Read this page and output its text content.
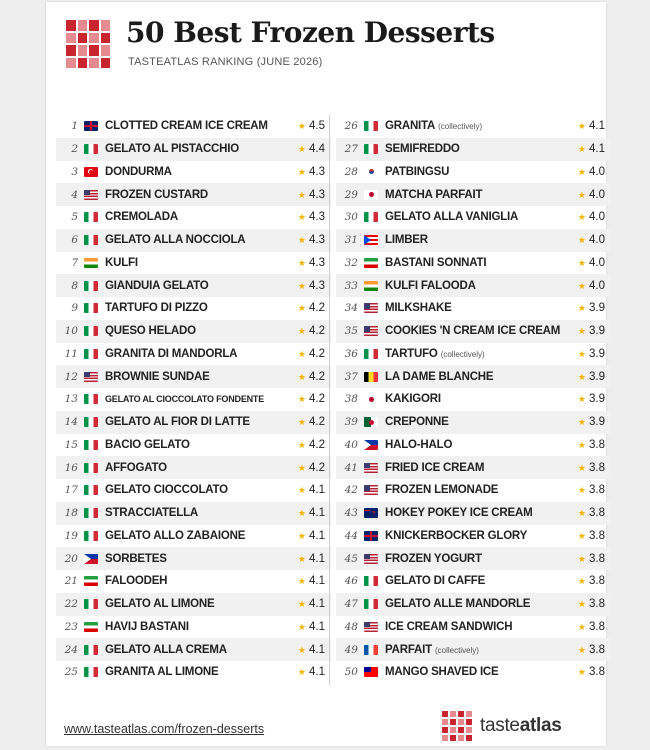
50 Best Frozen Desserts
TASTEATLAS RANKING (JUNE 2026)
1 CLOTTED CREAM ICE CREAM	★ 4.5
2 GELATO AL PISTACCHIO	★ 4.4
3 DONDURMA	★ 4.3
4 FROZEN CUSTARD	★ 4.3
5 CREMOLADA	★ 4.3
6 GELATO ALLA NOCCIOLA	★ 4.3
7 KULFI	★ 4.3
8 GIANDUIA GELATO	★ 4.3
9 TARTUFO DI PIZZO	★ 4.2
10 QUESO HELADO	★ 4.2
11 GRANITA DI MANDORLA	★ 4.2
12 BROWNIE SUNDAE	★ 4.2
13	GELATO AL CIOCCOLATO FONDENTE	★ 4.2
14 GELATO AL FIOR DI LATTE	★ 4.2
15 BACIO GELATO	★ 4.2
16 AFFOGATO	★ 4.2
17 GELATO CIOCCOLATO	★ 4.1
18 STRACCIATELLA	★ 4.1
19 GELATO ALLO ZABAIONE	★ 4.1
20 SORBETES	★ 4.1
21 FALOODEH	★ 4.1
22 GELATO AL LIMONE	★ 4.1
23 HAVIJ BASTANI	★ 4.1
24 GELATO ALLA CREMA	★ 4.1
25 GRANITA AL LIMONE	★ 4.1
26 GRANITA (collectively)	★ 4.1
27 SEMIFREDDO	★ 4.1
28 PATBINGSU	★ 4.0
29 MATCHA PARFAIT	★ 4.0
30 GELATO ALLA VANIGLIA	★ 4.0
31 LIMBER	★ 4.0
32 BASTANI SONNATI	★ 4.0
33 KULFI FALOODA	★ 4.0
34 MILKSHAKE	★ 3.9
35 COOKIES 'N CREAM ICE CREAM	★ 3.9
36 TARTUFO (collectively)	★ 3.9
37 LA DAME BLANCHE	★ 3.9
38 KAKIGŌRI	★ 3.9
39 CRÊPONNÉ	★ 3.9
40 HALO-HALO	★ 3.8
41 FRIED ICE CREAM	★ 3.8
42 FROZEN LEMONADE	★ 3.8
43 HOKEY POKEY ICE CREAM	★ 3.8
44 KNICKERBOCKER GLORY	★ 3.8
45 FROZEN YOGURT	★ 3.8
46 GELATO DI CAFFÈ	★ 3.8
47 GELATO ALLE MANDORLE	★ 3.8
48 ICE CREAM SANDWICH	★ 3.8
49 PARFAIT (collectively)	★ 3.8
50 MANGO SHAVED ICE	★ 3.8
www.tasteatlas.com/frozen-desserts	tasteatlas
